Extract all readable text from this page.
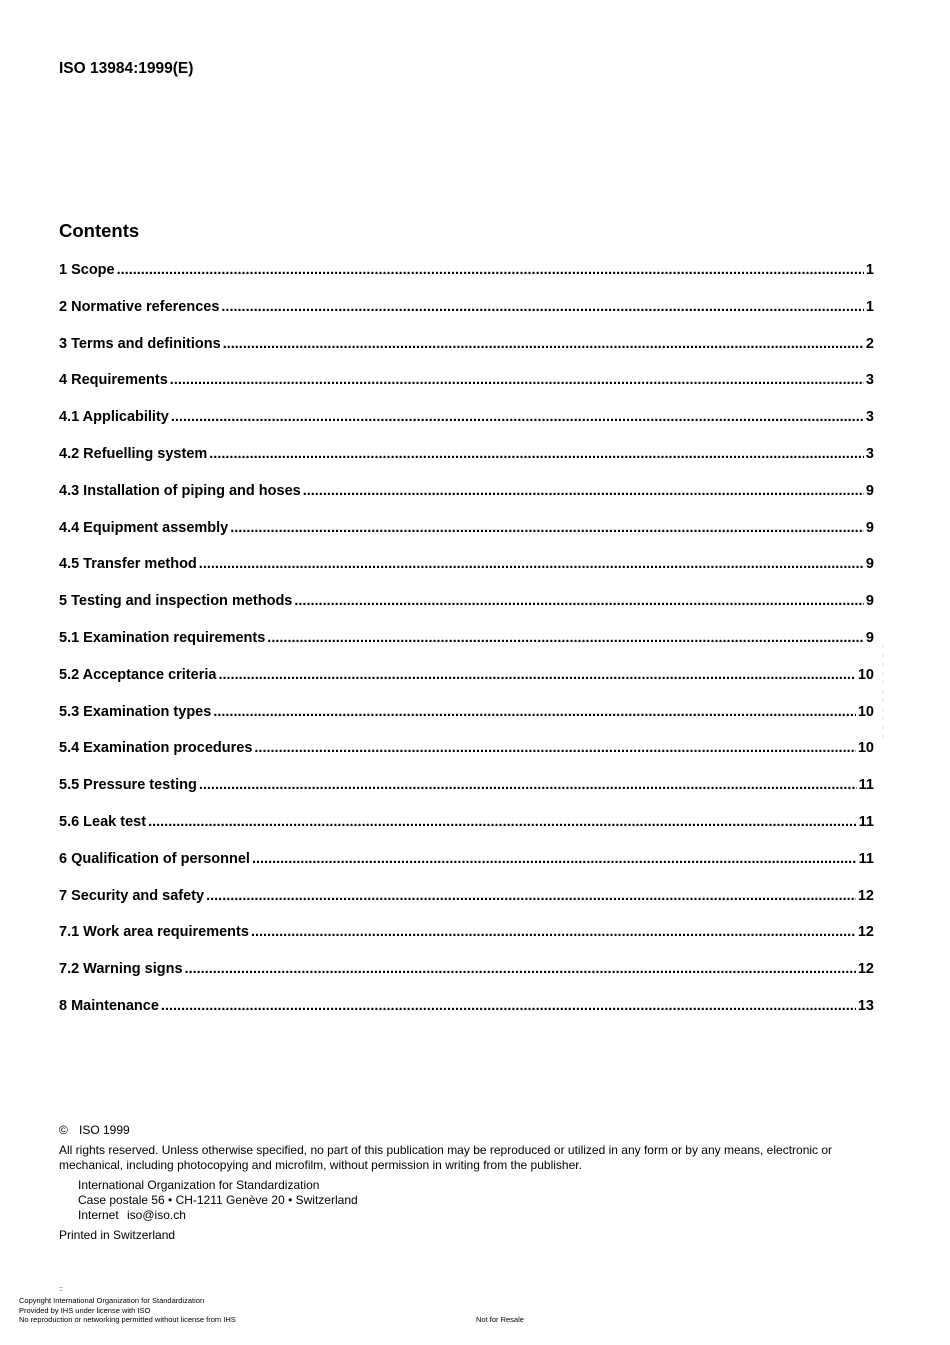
ISO 13984:1999(E)
Contents
1 Scope .....	1
2 Normative references .....	1
3 Terms and definitions .....	2
4 Requirements .....	3
4.1 Applicability .....	3
4.2 Refuelling system .....	3
4.3 Installation of piping and hoses .....	9
4.4 Equipment assembly .....	9
4.5 Transfer method .....	9
5 Testing and inspection methods .....	9
5.1 Examination requirements .....	9
5.2 Acceptance criteria .....	10
5.3 Examination types .....	10
5.4 Examination procedures .....	10
5.5 Pressure testing .....	11
5.6 Leak test .....	11
6 Qualification of personnel .....	11
7 Security and safety .....	12
7.1 Work area requirements .....	12
7.2 Warning signs .....	12
8 Maintenance .....	13

© ISO 1999

All rights reserved. Unless otherwise specified, no part of this publication may be reproduced or utilized in any form or by any means, electronic or mechanical, including photocopying and microfilm, without permission in writing from the publisher.

International Organization for Standardization

Case postale 56 • CH-1211 Genève 20 • Switzerland

Internet iso@iso.ch

Printed in Switzerland

::

Copyright International Organization for Standardization

Provided by IHS under license with ISO

No reproduction or networking permitted without license from IHS	Not for Resale
